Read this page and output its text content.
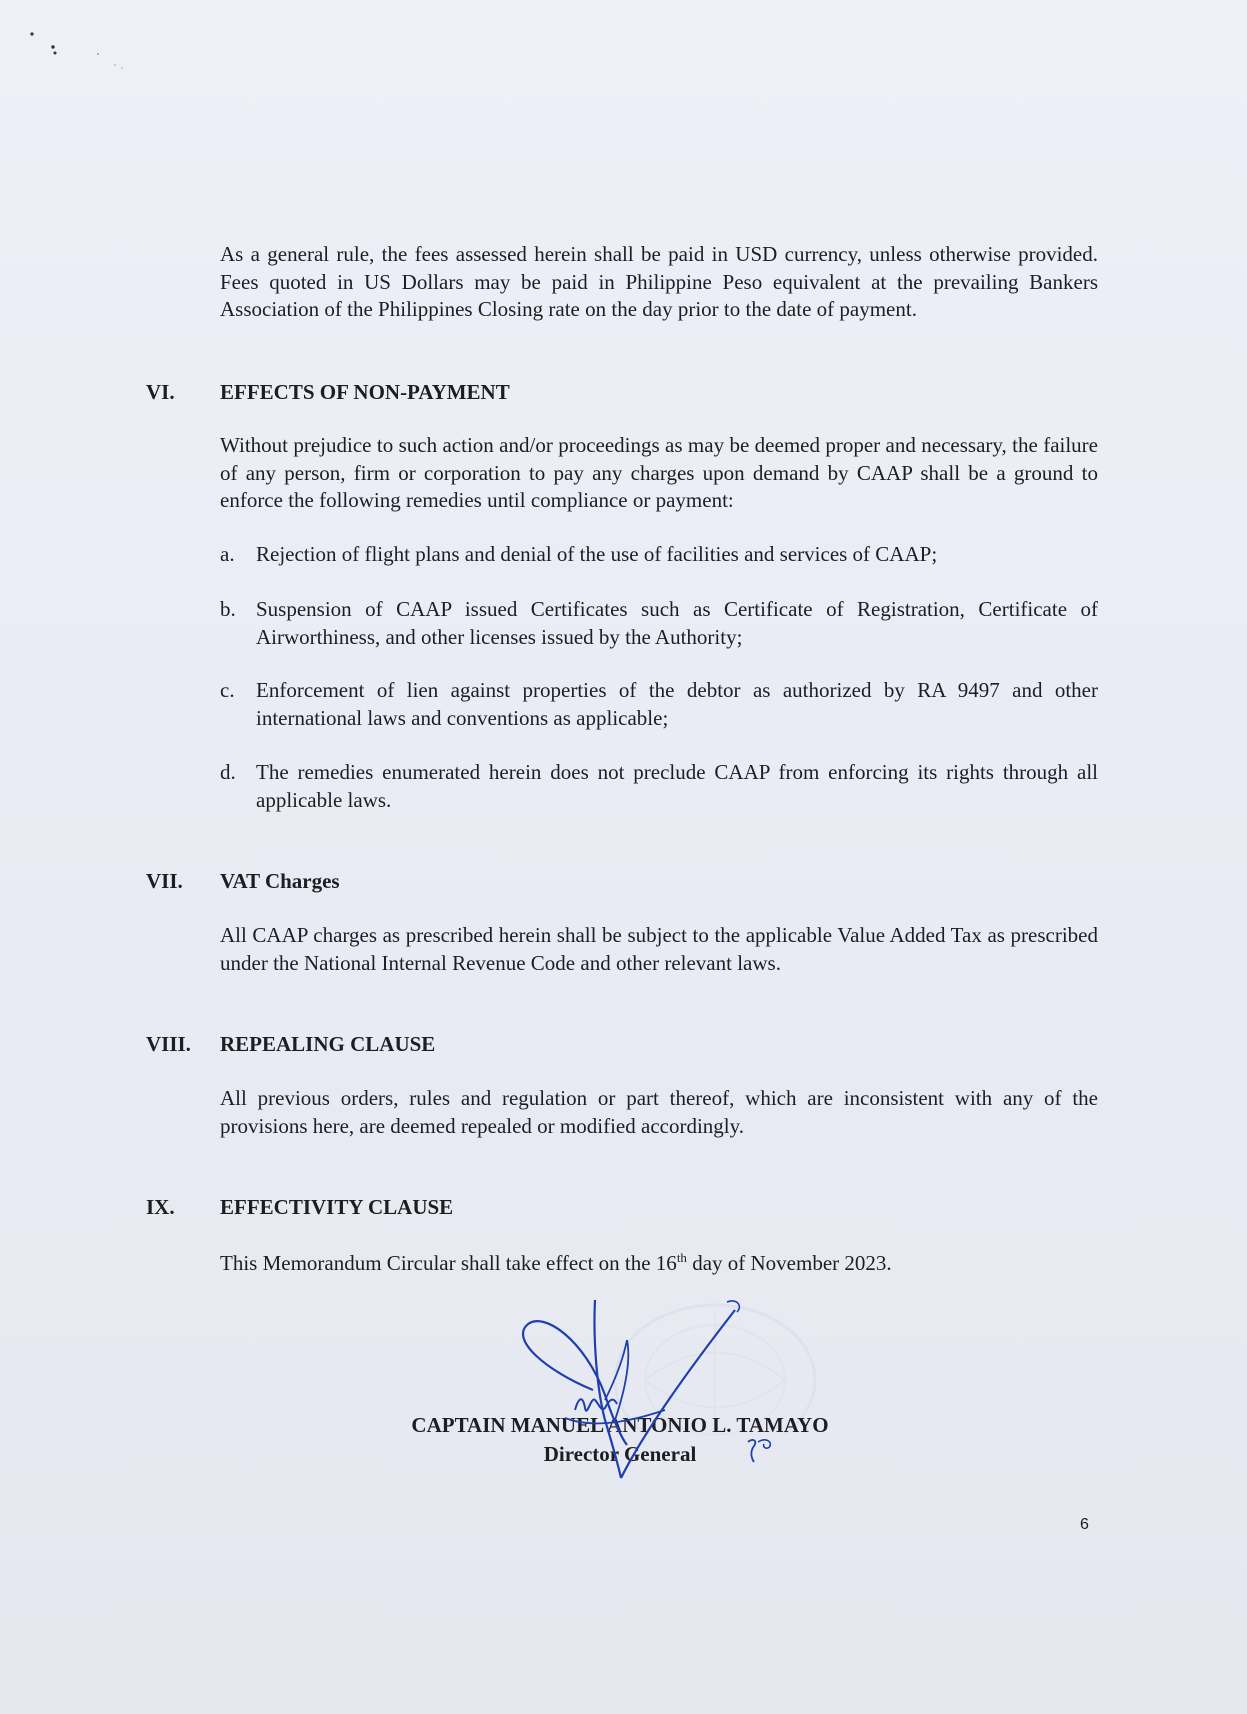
As a general rule, the fees assessed herein shall be paid in USD currency, unless otherwise provided. Fees quoted in US Dollars may be paid in Philippine Peso equivalent at the prevailing Bankers Association of the Philippines Closing rate on the day prior to the date of payment.

VI. EFFECTS OF NON-PAYMENT

Without prejudice to such action and/or proceedings as may be deemed proper and necessary, the failure of any person, firm or corporation to pay any charges upon demand by CAAP shall be a ground to enforce the following remedies until compliance or payment:

a.	Rejection of flight plans and denial of the use of facilities and services of CAAP;
b. Suspension of CAAP issued Certificates such as Certificate of Registration, Certificate of Airworthiness, and other licenses issued by the Authority;
c.	Enforcement of lien against properties of the debtor as authorized by RA 9497 and other international laws and conventions as applicable;
d. The remedies enumerated herein does not preclude CAAP from enforcing its rights through all applicable laws.
VII. VAT Charges

All CAAP charges as prescribed herein shall be subject to the applicable Value Added Tax as prescribed under the National Internal Revenue Code and other relevant laws.

VIII. REPEALING CLAUSE

All previous orders, rules and regulation or part thereof, which are inconsistent with any of the provisions here, are deemed repealed or modified accordingly.

IX. EFFECTIVITY CLAUSE

This Memorandum Circular shall take effect on the 16th day of November 2023.

CAPTAIN MANUEL ANTONIO L. TAMAYO
Director General
6
